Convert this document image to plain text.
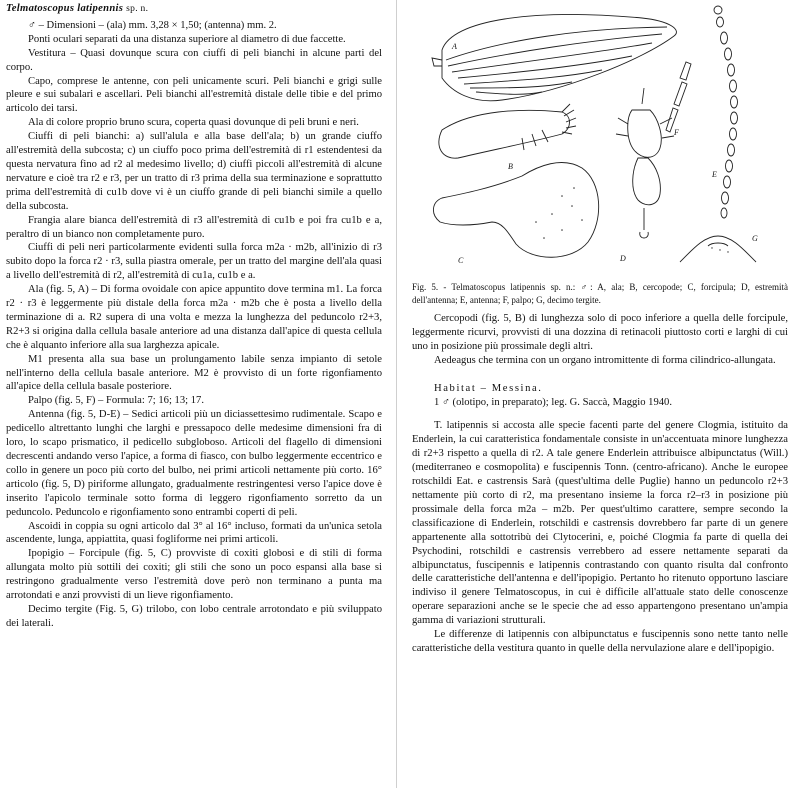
Telmatoscopus latipennis sp. n.

♂ – Dimensioni – (ala) mm. 3,28 × 1,50; (antenna) mm. 2.

Ponti oculari separati da una distanza superiore al diametro di due faccette.

Vestitura – Quasi dovunque scura con ciuffi di peli bianchi in alcune parti del corpo.

Capo, comprese le antenne, con peli unicamente scuri. Peli bianchi e grigi sulle pleure e sui subalari e ascellari. Peli bianchi all'estremità distale delle tibie e del primo articolo dei tarsi.

Ala di colore proprio bruno scura, coperta quasi dovunque di peli bruni e neri.

Ciuffi di peli bianchi: a) sull'alula e alla base dell'ala; b) un grande ciuffo all'estremità della subcosta; c) un ciuffo poco prima dell'estremità di r1 estendentesi da questa nervatura fino ad r2 al medesimo livello; d) ciuffi piccoli all'estremità di alcune nervature e cioè tra r2 e r3, per un tratto di r3 prima della sua terminazione e soprattutto prima dell'estremità di cu1b dove vi è un ciuffo grande di peli bianchi simile a quello della subcosta.

Frangia alare bianca dell'estremità di r3 all'estremità di cu1b e poi fra cu1b e a, peraltro di un bianco non completamente puro.

Ciuffi di peli neri particolarmente evidenti sulla forca m2a · m2b, all'inizio di r3 subito dopo la forca r2 · r3, sulla piastra omerale, per un tratto del margine dell'ala quasi a livello dell'estremità di r2, all'estremità di cu1a, cu1b e a.

Ala (fig. 5, A) – Di forma ovoidale con apice appuntito dove termina m1. La forca r2 · r3 è leggermente più distale della forca m2a · m2b che è posta a livello della terminazione di a. R2 supera di una volta e mezza la lunghezza del peduncolo r2+3, R2+3 si origina dalla cellula basale anteriore ad una distanza dall'apice di questa cellula che è alquanto inferiore alla sua larghezza apicale.

M1 presenta alla sua base un prolungamento labile senza impianto di setole nell'interno della cellula basale anteriore. M2 è provvisto di un forte rigonfiamento all'apice della cellula basale posteriore.

Palpo (fig. 5, F) – Formula: 7; 16; 13; 17.

Antenna (fig. 5, D-E) – Sedici articoli più un diciassettesimo rudimentale. Scapo e pedicello altrettanto lunghi che larghi e pressapoco delle medesime dimensioni fra di loro, lo scapo prismatico, il pedicello subgloboso. Articoli del flagello di dimensioni decrescenti andando verso l'apice, a forma di fiasco, con bulbo leggermente eccentrico e collo in genere un poco più corto del bulbo, nei primi articoli nettamente più corto. 16° articolo (fig. 5, D) piriforme allungato, gradualmente restringentesi verso l'apice dove è inserito l'apicolo terminale sotto forma di leggero rigonfiamento sorretto da un peduncolo. Peduncolo e rigonfiamento sono entrambi coperti di peli.

Ascoidi in coppia su ogni articolo dal 3° al 16° incluso, formati da un'unica setola ascendente, lunga, appiattita, quasi fogliforme nei primi articoli.

Ipopigio – Forcipule (fig. 5, C) provviste di coxiti globosi e di stili di forma allungata molto più sottili dei coxiti; gli stili che sono un poco espansi alla base si restringono gradualmente verso l'estremità dove però non terminano a punta ma arrotondati e anzi provvisti di un lieve rigonfiamento.

Decimo tergite (Fig. 5, G) trilobo, con lobo centrale arrotondato e più sviluppato dei laterali.

A
B
C	D
E
F
G
Fig. 5. - Telmatoscopus latipennis sp. n.: ♂: A, ala; B, cercopode; C, forcipula; D, estremità dell'antenna; E, antenna; F, palpo; G, decimo tergite.

Cercopodi (fig. 5, B) di lunghezza solo di poco inferiore a quella delle forcipule, leggermente ricurvi, provvisti di una dozzina di retinacoli piuttosto corti e larghi di cui uno in posizione più prossimale degli altri.

Aedeagus che termina con un organo intromittente di forma cilindrico-allungata.

Habitat – Messina.

1 ♂ (olotipo, in preparato); leg. G. Saccà, Maggio 1940.

T. latipennis si accosta alle specie facenti parte del genere Clogmia, istituito da Enderlein, la cui caratteristica fondamentale consiste in un'accentuata minore lunghezza di r2+3 rispetto a quella di r2. A tale genere Enderlein attribuisce albipunctatus (Will.) (mediterraneo e cosmopolita) e fuscipennis Tonn. (centro-africano). Anche le europee rotschildi Eat. e castrensis Sarà (quest'ultima delle Puglie) hanno un peduncolo r2+3 nettamente più corto di r2, ma presentano insieme la forca r2–r3 in posizione più prossimale della forca m2a – m2b. Per quest'ultimo carattere, sempre secondo la classificazione di Enderlein, rotschildi e castrensis dovrebbero far parte di un genere appartenente alla sottotribù dei Clytocerini, e, poiché Clogmia fa parte di quella dei Psychodini, rotschildi e castrensis verrebbero ad essere nettamente separati da albipunctatus, fuscipennis e latipennis contrastando con quanto risulta dal confronto delle caratteristiche dell'antenna e dell'ipopigio. Pertanto ho ritenuto opportuno lasciare indiviso il genere Telmatoscopus, in cui è difficile all'attuale stato delle conoscenze operare separazioni anche se le specie che ad esso appartengono presentano un'ampia gamma di variazioni strutturali.

Le differenze di latipennis con albipunctatus e fuscipennis sono nette tanto nelle caratteristiche della vestitura quanto in quelle della nervulazione alare e dell'ipopigio.
